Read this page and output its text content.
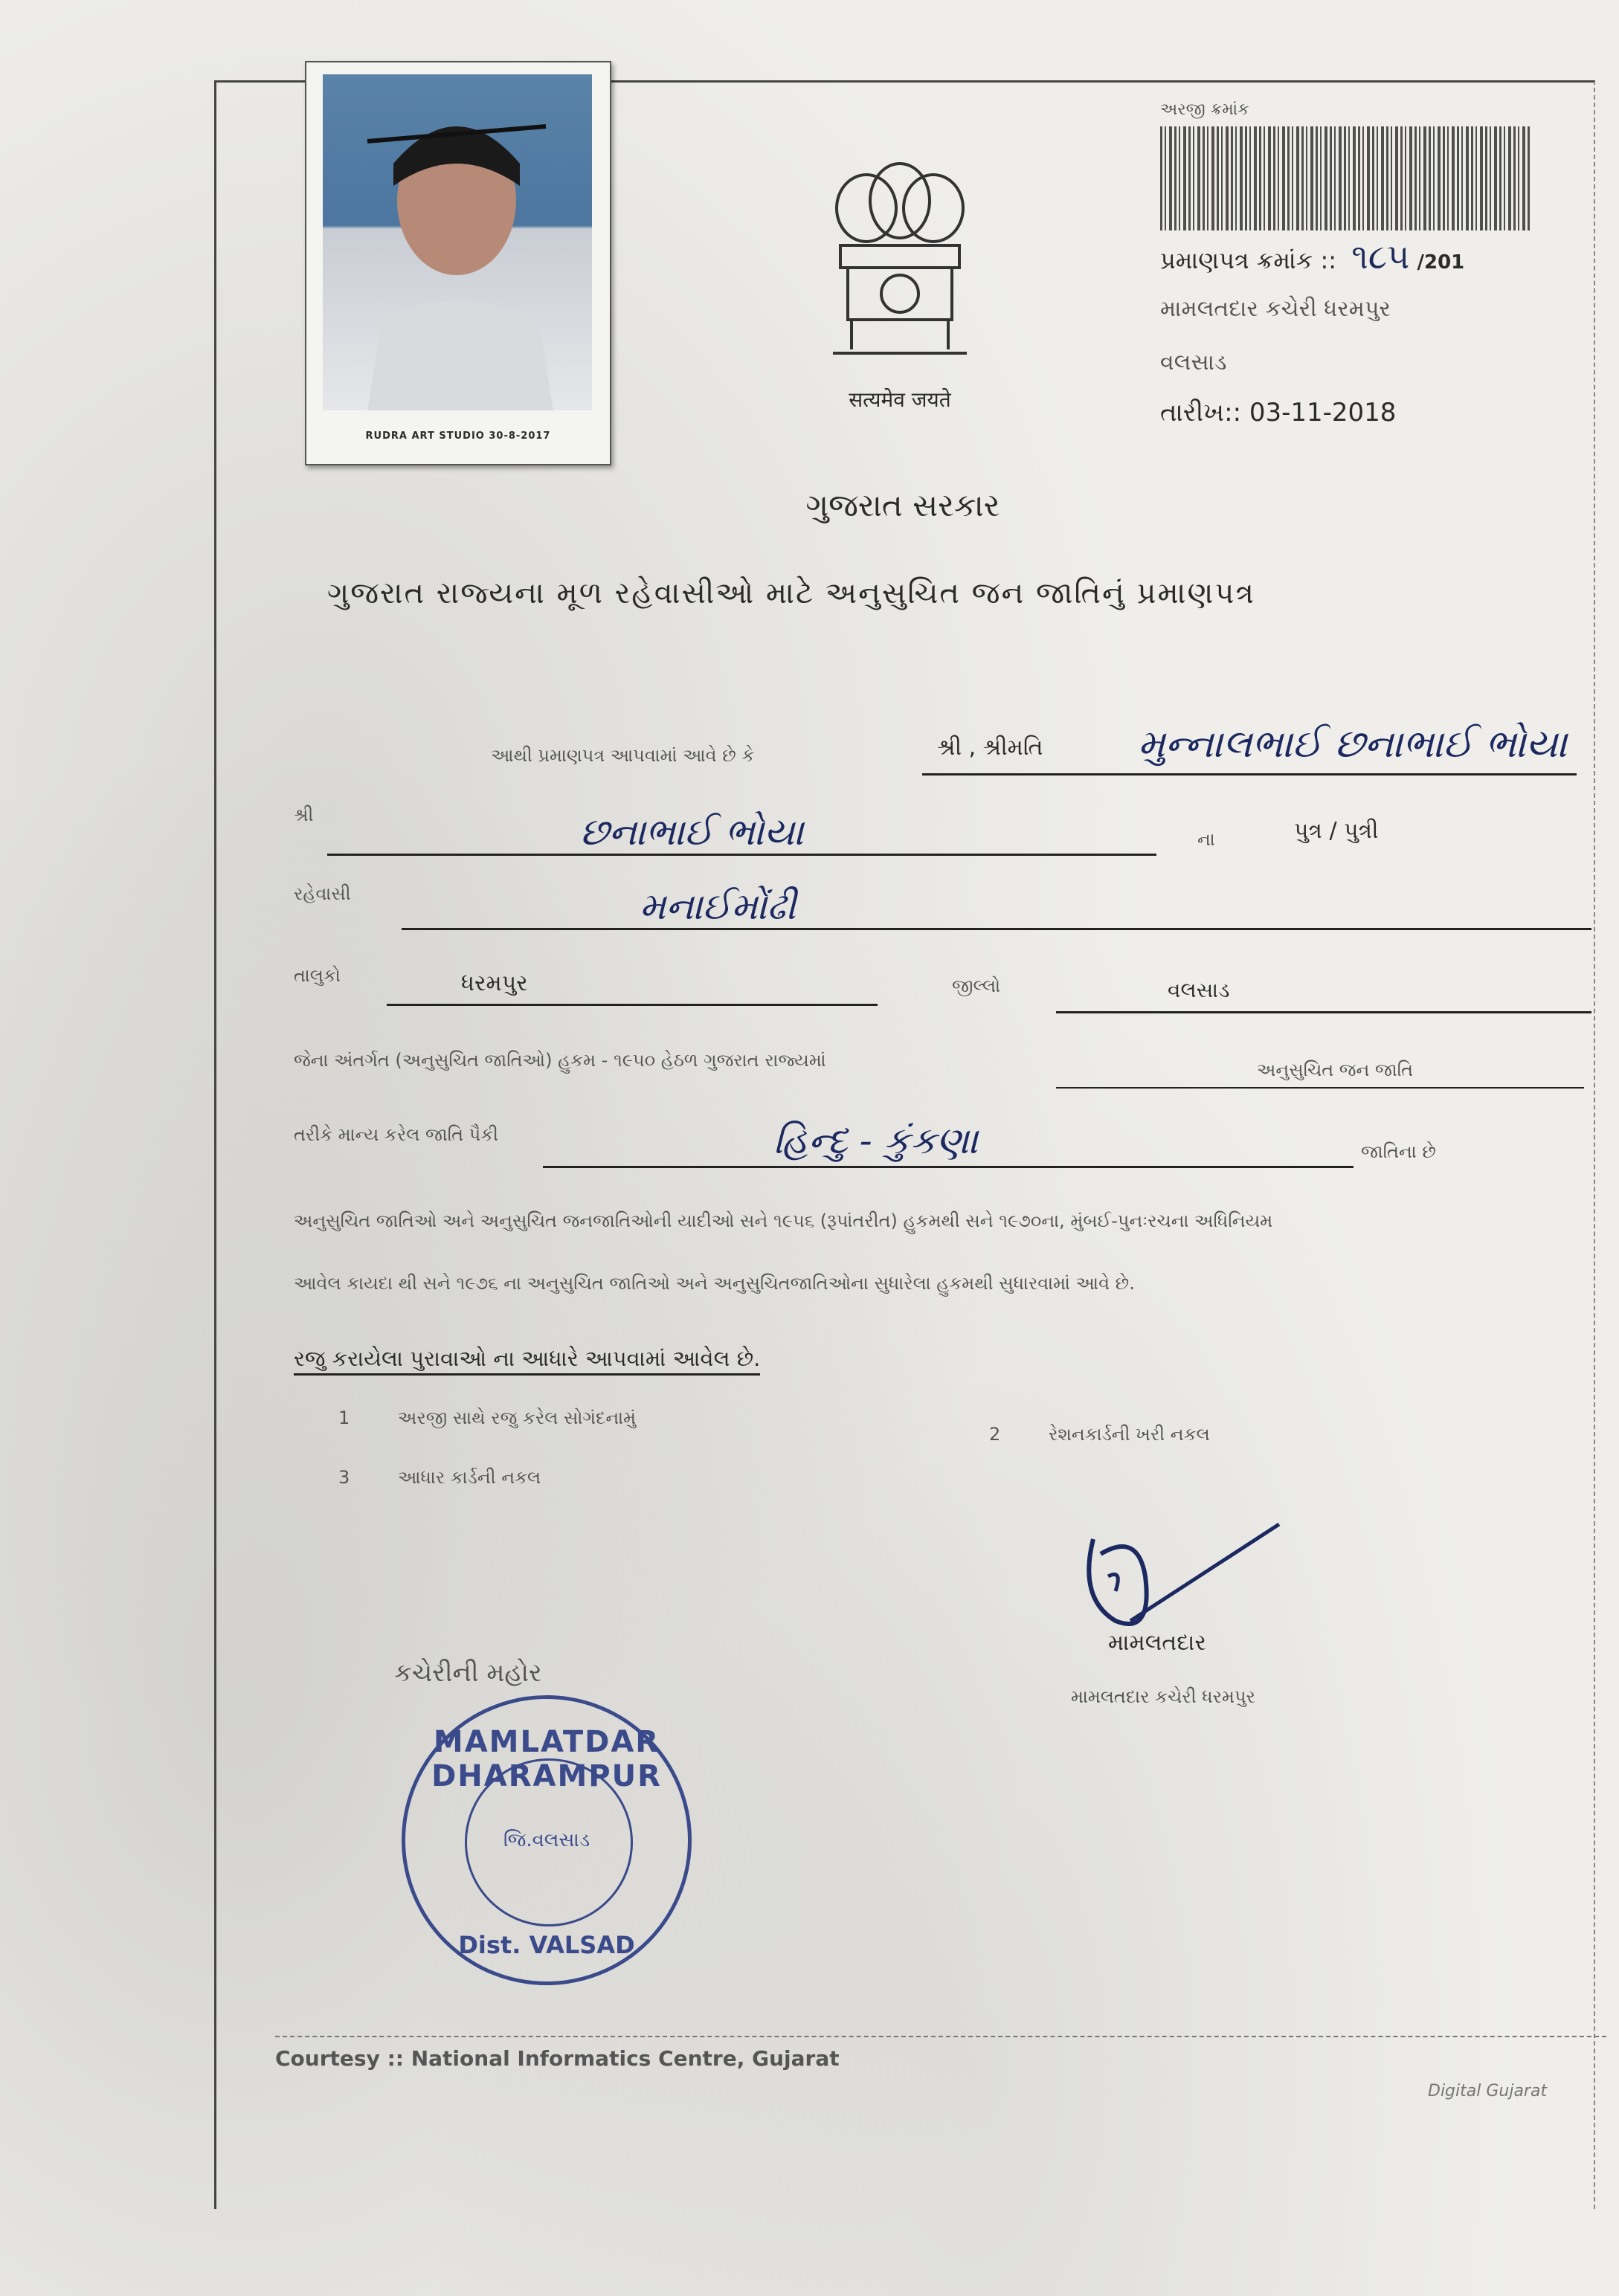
RUDRA ART STUDIO 30-8-2017
सत्यमेव जयते
અરજી ક્રમાંક
પ્રમાણપત્ર ક્રમાંક :: ૧૮૫ /201
મામલતદાર કચેરી ધરમપુર
વલસાડ
તારીખ:: 03-11-2018
ગુજરાત સરકાર
ગુજરાત રાજ્યના મૂળ રહેવાસીઓ માટે અનુસુચિત જન જાતિનું પ્રમાણપત્ર
આથી પ્રમાણપત્ર આપવામાં આવે છે કે	શ્રી , શ્રીમતિ મુન્નાલભાઈ છનાભાઈ ભોયા
શ્રી	છનાભાઈ ભોયા	ના	પુત્ર / પુત્રી
રહેવાસી	મનાઈમોંઢી
તાલુકો	ધરમપુર	જીલ્લો	વલસાડ
જેના અંતર્ગત (અનુસુચિત જાતિઓ) હુકમ - ૧૯૫૦ હેઠળ ગુજરાત રાજ્યમાં	અનુસુચિત જન જાતિ
તરીકે માન્ય કરેલ જાતિ પૈકી	હિન્દુ - કુંકણા	જાતિના છે
અનુસુચિત જાતિઓ અને અનુસુચિત જનજાતિઓની યાદીઓ સને ૧૯૫૬ (રૂપાંતરીત) હુકમથી સને ૧૯૭૦ના, મુંબઈ-પુનઃરચના અધિનિયમ
આવેલ કાયદા થી સને ૧૯૭૬ ના અનુસુચિત જાતિઓ અને અનુસુચિતજાતિઓના સુધારેલા હુકમથી સુધારવામાં આવે છે.
રજુ કરાયેલા પુરાવાઓ ના આધારે આપવામાં આવેલ છે.
1	અરજી સાથે રજુ કરેલ સોગંદનામું
2	રેશનકાર્ડની ખરી નકલ
3	આધાર કાર્ડની નકલ
મામલતદાર
મામલતદાર કચેરી ધરમપુર
કચેરીની મહોર
MAMLATDAR DHARAMPUR
જિ.વલસાડ
Dist. VALSAD
Courtesy :: National Informatics Centre, Gujarat
Digital Gujarat
